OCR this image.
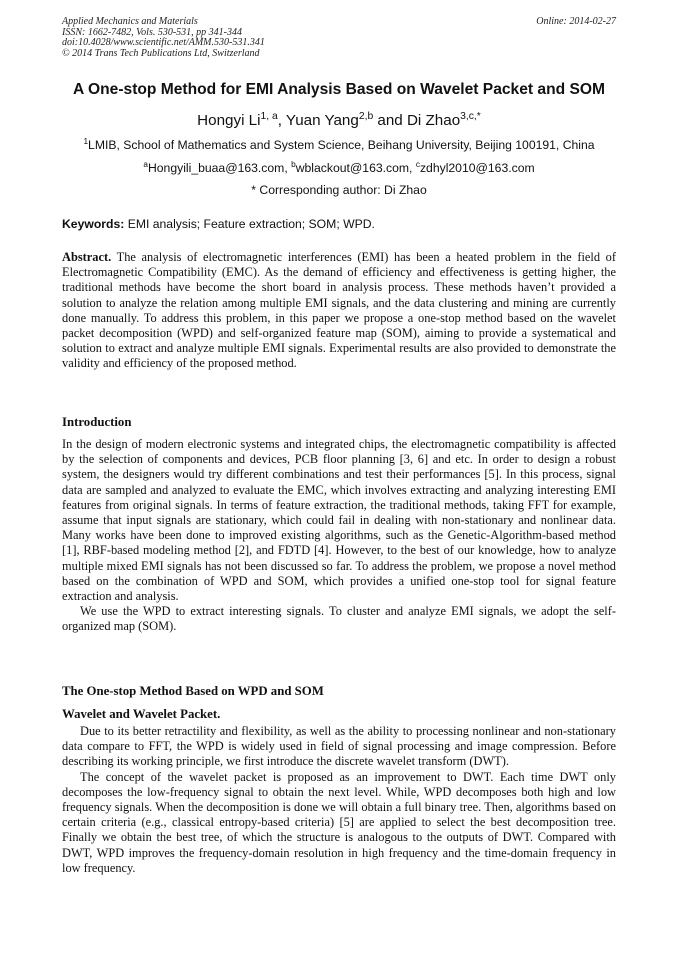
Applied Mechanics and Materials
ISSN: 1662-7482, Vols. 530-531, pp 341-344
doi:10.4028/www.scientific.net/AMM.530-531.341
© 2014 Trans Tech Publications Ltd, Switzerland
Online: 2014-02-27
A One-stop Method for EMI Analysis Based on Wavelet Packet and SOM
Hongyi Li$^{1, a}$, Yuan Yang$^{2,b}$ and Di Zhao$^{3,c,*}$
$^1$LMIB, School of Mathematics and System Science, Beihang University, Beijing 100191, China
$^a$Hongyili_buaa@163.com, $^b$wblackout@163.com, $^c$zdhyl2010@163.com
* Corresponding author: Di Zhao
Keywords: EMI analysis; Feature extraction; SOM; WPD.
Abstract. The analysis of electromagnetic interferences (EMI) has been a heated problem in the field of Electromagnetic Compatibility (EMC). As the demand of efficiency and effectiveness is getting higher, the traditional methods have become the short board in analysis process. These methods haven’t provided a solution to analyze the relation among multiple EMI signals, and the data clustering and mining are currently done manually. To address this problem, in this paper we propose a one-stop method based on the wavelet packet decomposition (WPD) and self-organized feature map (SOM), aiming to provide a systematical and solution to extract and analyze multiple EMI signals. Experimental results are also provided to demonstrate the validity and efficiency of the proposed method.
Introduction

In the design of modern electronic systems and integrated chips, the electromagnetic compatibility is affected by the selection of components and devices, PCB floor planning [3, 6] and etc. In order to design a robust system, the designers would try different combinations and test their performances [5]. In this process, signal data are sampled and analyzed to evaluate the EMC, which involves extracting and analyzing interesting EMI features from original signals. In terms of feature extraction, the traditional methods, taking FFT for example, assume that input signals are stationary, which could fail in dealing with non-stationary and nonlinear data. Many works have been done to improved existing algorithms, such as the Genetic-Algorithm-based method [1], RBF-based modeling method [2], and FDTD [4]. However, to the best of our knowledge, how to analyze multiple mixed EMI signals has not been discussed so far. To address the problem, we propose a novel method based on the combination of WPD and SOM, which provides a unified one-stop tool for signal feature extraction and analysis.

We use the WPD to extract interesting signals. To cluster and analyze EMI signals, we adopt the self-organized map (SOM).

The One-stop Method Based on WPD and SOM
Wavelet and Wavelet Packet.

Due to its better retractility and flexibility, as well as the ability to processing nonlinear and non-stationary data compare to FFT, the WPD is widely used in field of signal processing and image compression. Before describing its working principle, we first introduce the discrete wavelet transform (DWT).

The concept of the wavelet packet is proposed as an improvement to DWT. Each time DWT only decomposes the low-frequency signal to obtain the next level. While, WPD decomposes both high and low frequency signals. When the decomposition is done we will obtain a full binary tree. Then, algorithms based on certain criteria (e.g., classical entropy-based criteria) [5] are applied to select the best decomposition tree. Finally we obtain the best tree, of which the structure is analogous to the outputs of DWT. Compared with DWT, WPD improves the frequency-domain resolution in high frequency and the time-domain frequency in low frequency.
